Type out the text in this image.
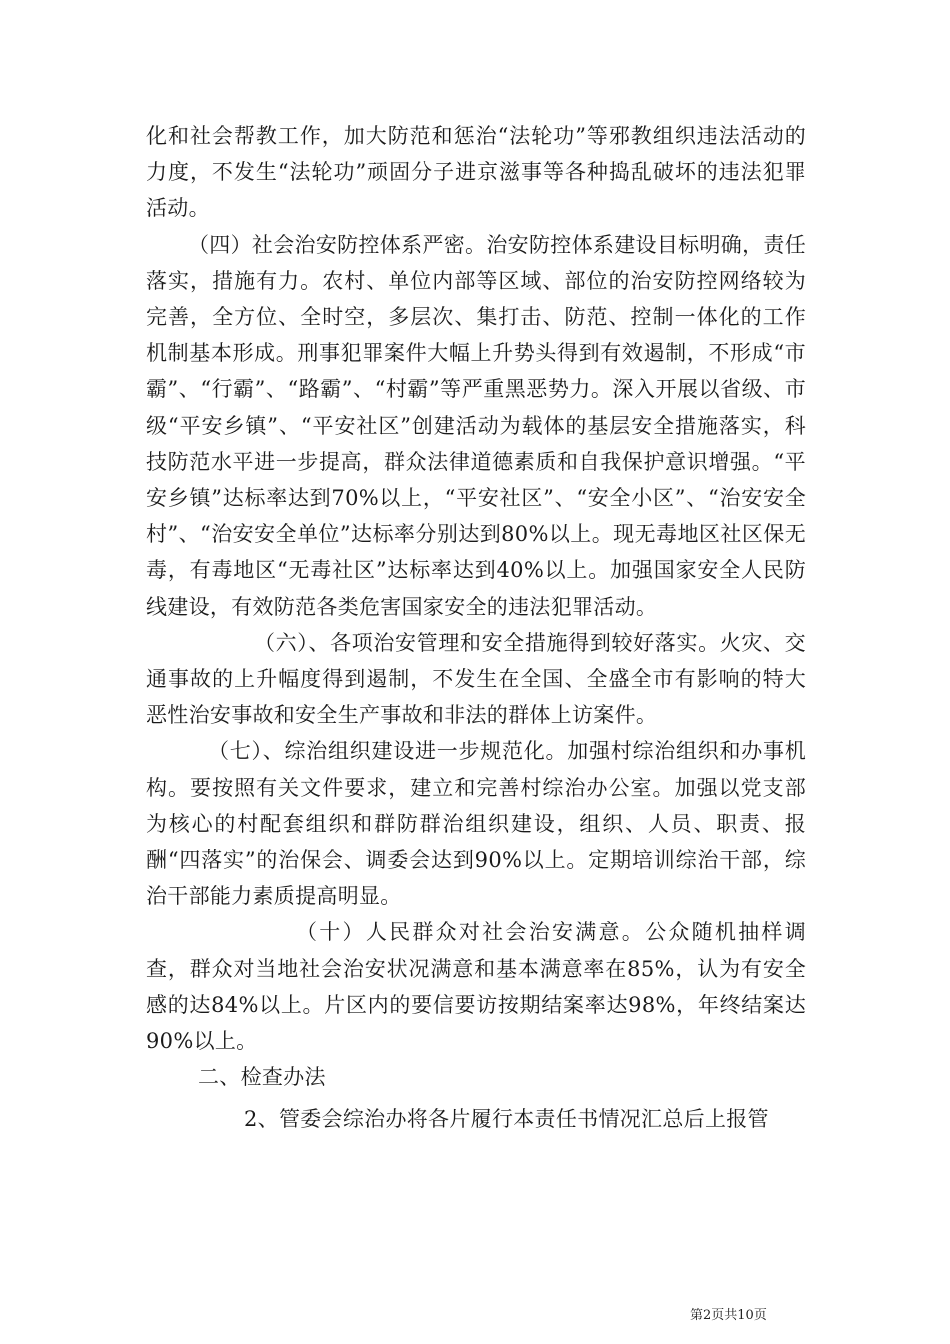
化和社会帮教工作，加大防范和惩治“法轮功”等邪教组织违法活动的力度，不发生“法轮功”顽固分子进京滋事等各种捣乱破坏的违法犯罪活动。

（四）社会治安防控体系严密。治安防控体系建设目标明确，责任落实，措施有力。农村、单位内部等区域、部位的治安防控网络较为完善，全方位、全时空，多层次、集打击、防范、控制一体化的工作机制基本形成。刑事犯罪案件大幅上升势头得到有效遏制，不形成“市霸”、“行霸”、“路霸”、“村霸”等严重黑恶势力。深入开展以省级、市级“平安乡镇”、“平安社区”创建活动为载体的基层安全措施落实，科技防范水平进一步提高，群众法律道德素质和自我保护意识增强。“平安乡镇”达标率达到70%以上，“平安社区”、“安全小区”、“治安安全村”、“治安安全单位”达标率分别达到80%以上。现无毒地区社区保无毒，有毒地区“无毒社区”达标率达到40%以上。加强国家安全人民防线建设，有效防范各类危害国家安全的违法犯罪活动。

（六）、各项治安管理和安全措施得到较好落实。火灾、交通事故的上升幅度得到遏制，不发生在全国、全盛全市有影响的特大恶性治安事故和安全生产事故和非法的群体上访案件。

（七）、综治组织建设进一步规范化。加强村综治组织和办事机构。要按照有关文件要求，建立和完善村综治办公室。加强以党支部为核心的村配套组织和群防群治组织建设，组织、人员、职责、报酬“四落实”的治保会、调委会达到90%以上。定期培训综治干部，综治干部能力素质提高明显。

（十）人民群众对社会治安满意。公众随机抽样调查，群众对当地社会治安状况满意和基本满意率在85%，认为有安全感的达84%以上。片区内的要信要访按期结案率达98%，年终结案达90%以上。

二、检查办法

2、管委会综治办将各片履行本责任书情况汇总后上报管

第2页共10页
